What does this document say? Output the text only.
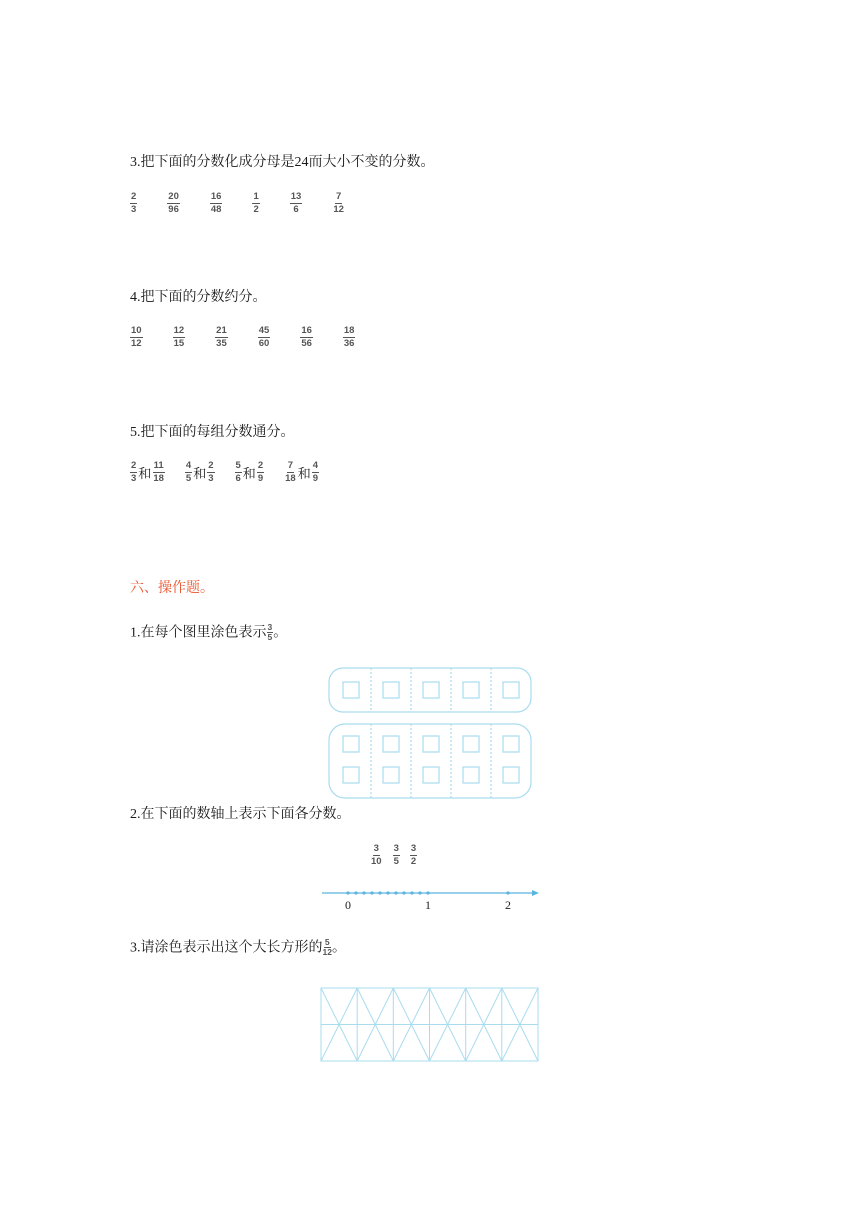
3.把下面的分数化成分母是24而大小不变的分数。
$\frac{2}{3}$	$\frac{20}{96}$	$\frac{16}{48}$	$\frac{1}{2}$	$\frac{13}{6}$	$\frac{7}{12}$
4.把下面的分数约分。
$\frac{10}{12}$	$\frac{12}{15}$	$\frac{21}{35}$	$\frac{45}{60}$	$\frac{16}{56}$	$\frac{18}{36}$
5.把下面的每组分数通分。
$\frac{2}{3}$ 和 $\frac{11}{18} \frac{4}{5}$ 和 $\frac{2}{3} \frac{5}{6}$ 和 $\frac{2}{9} \frac{7}{18}$ 和 $\frac{4}{9}$
六、操作题。
1.在每个图里涂色表示 $\frac{3}{5}$ 。
2.在下面的数轴上表示下面各分数。
$\frac{3}{10} \frac{3}{5} \frac{3}{2}$
0	1	2
3.请涂色表示出这个大长方形的 $\frac{5}{12}$ 。
